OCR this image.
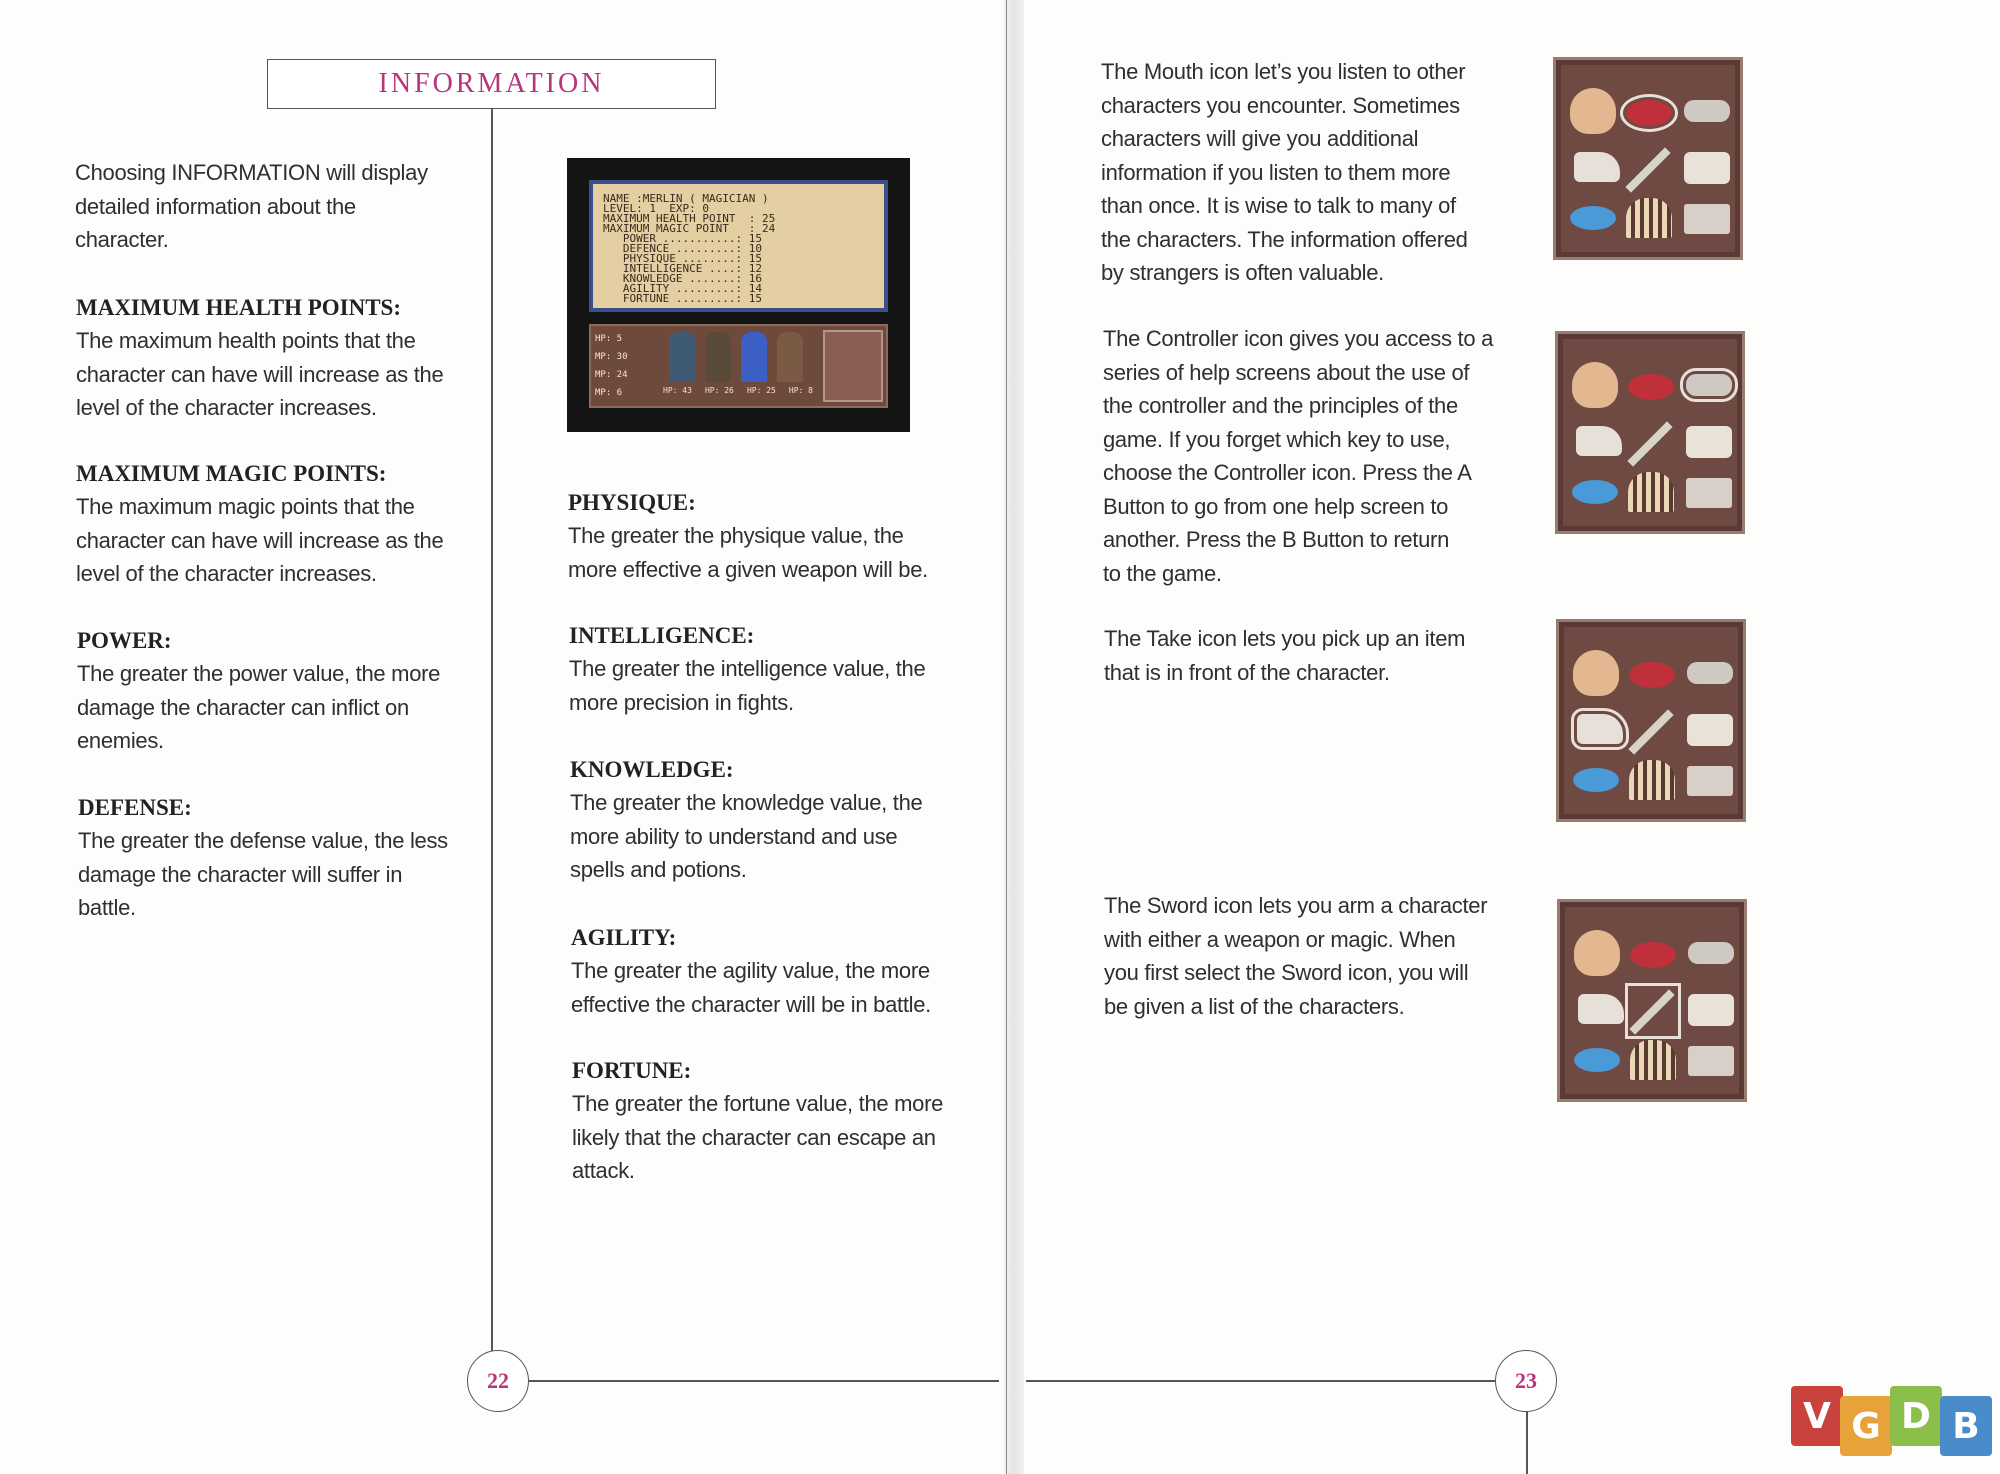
INFORMATION
22
Choosing INFORMATION will display
detailed information about the
character.
MAXIMUM HEALTH POINTS:
The maximum health points that the
character can have will increase as the
level of the character increases.
MAXIMUM MAGIC POINTS:
The maximum magic points that the
character can have will increase as the
level of the character increases.
POWER:
The greater the power value, the more
damage the character can inflict on
enemies.
DEFENSE:
The greater the defense value, the less
damage the character will suffer in
battle.
NAME :MERLIN ( MAGICIAN )
LEVEL: 1  EXP: 0
MAXIMUM HEALTH POINT  : 25
MAXIMUM MAGIC POINT   : 24
POWER ...........: 15
DEFENCE .........: 10
PHYSIQUE ........: 15
INTELLIGENCE ....: 12
KNOWLEDGE .......: 16
AGILITY .........: 14
FORTUNE .........: 15
HP: 5
MP: 30
MP: 24
MP: 6	HP: 43 HP: 26 HP: 25 HP: 8
PHYSIQUE:
The greater the physique value, the
more effective a given weapon will be.
INTELLIGENCE:
The greater the intelligence value, the
more precision in fights.
KNOWLEDGE:
The greater the knowledge value, the
more ability to understand and use
spells and potions.
AGILITY:
The greater the agility value, the more
effective the character will be in battle.
FORTUNE:
The greater the fortune value, the more
likely that the character can escape an
attack.
The Mouth icon let’s you listen to other
characters you encounter. Sometimes
characters will give you additional
information if you listen to them more
than once. It is wise to talk to many of
the characters. The information offered
by strangers is often valuable.
The Controller icon gives you access to a
series of help screens about the use of
the controller and the principles of the
game. If you forget which key to use,
choose the Controller icon. Press the A
Button to go from one help screen to
another. Press the B Button to return
to the game.
The Take icon lets you pick up an item
that is in front of the character.
The Sword icon lets you arm a character
with either a weapon or magic. When
you first select the Sword icon, you will
be given a list of the characters.
23
V G D B
